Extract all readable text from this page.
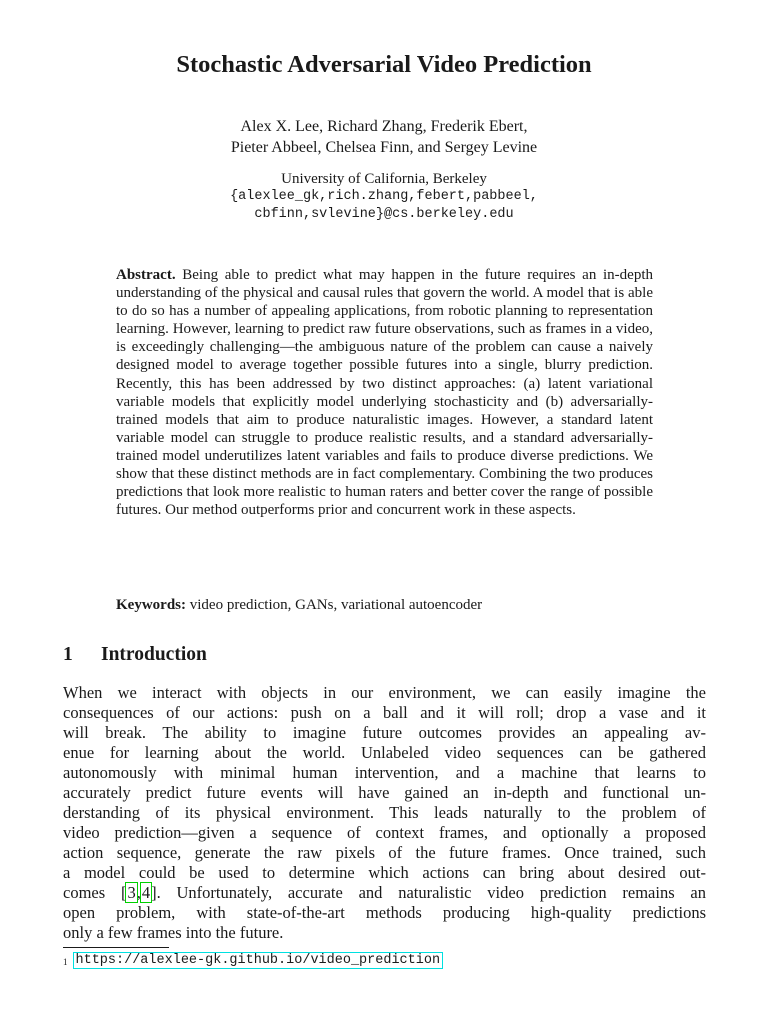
Stochastic Adversarial Video Prediction
Alex X. Lee, Richard Zhang, Frederik Ebert,
Pieter Abbeel, Chelsea Finn, and Sergey Levine
University of California, Berkeley
{alexlee_gk,rich.zhang,febert,pabbeel,
cbfinn,svlevine}@cs.berkeley.edu
Abstract. Being able to predict what may happen in the future requires an in-depth understanding of the physical and causal rules that govern the world. A model that is able to do so has a number of appealing applications, from robotic planning to representation learning. However, learning to predict raw future observations, such as frames in a video, is exceedingly challenging—the ambiguous nature of the problem can cause a naively designed model to average together possible futures into a single, blurry prediction. Recently, this has been addressed by two distinct approaches: (a) latent variational variable models that explicitly model underlying stochasticity and (b) adversarially-trained models that aim to produce naturalistic images. However, a standard latent variable model can struggle to produce realistic results, and a standard adversarially-trained model underutilizes latent variables and fails to produce diverse predictions. We show that these distinct methods are in fact complementary. Combining the two produces predictions that look more realistic to human raters and better cover the range of possible futures. Our method outperforms prior and concurrent work in these aspects.
Keywords: video prediction, GANs, variational autoencoder
1 Introduction
When we interact with objects in our environment, we can easily imagine the
consequences of our actions: push on a ball and it will roll; drop a vase and it
will break. The ability to imagine future outcomes provides an appealing av-
enue for learning about the world. Unlabeled video sequences can be gathered
autonomously with minimal human intervention, and a machine that learns to
accurately predict future events will have gained an in-depth and functional un-
derstanding of its physical environment. This leads naturally to the problem of
video prediction—given a sequence of context frames, and optionally a proposed
action sequence, generate the raw pixels of the future frames. Once trained, such
a model could be used to determine which actions can bring about desired out-
comes [3,4]. Unfortunately, accurate and naturalistic video prediction remains an
open problem, with state-of-the-art methods producing high-quality predictions
only a few frames into the future.
$^1$ https://alexlee-gk.github.io/video_prediction
